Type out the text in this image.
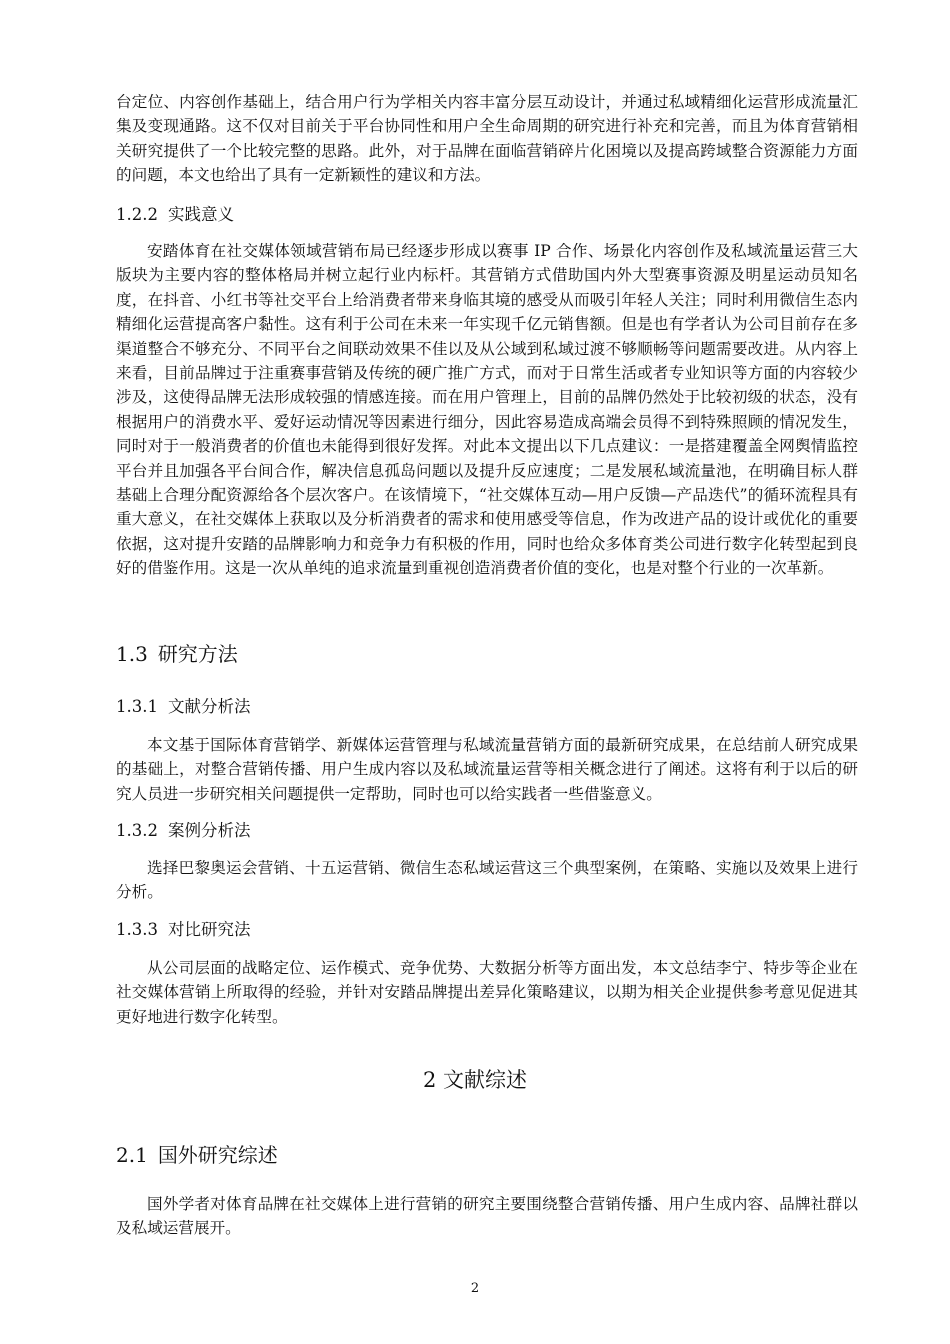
台定位、内容创作基础上，结合用户行为学相关内容丰富分层互动设计，并通过私域精细化运营形成流量汇集及变现通路。这不仅对目前关于平台协同性和用户全生命周期的研究进行补充和完善，而且为体育营销相关研究提供了一个比较完整的思路。此外，对于品牌在面临营销碎片化困境以及提高跨域整合资源能力方面的问题，本文也给出了具有一定新颖性的建议和方法。

1.2.2 实践意义

安踏体育在社交媒体领域营销布局已经逐步形成以赛事 IP 合作、场景化内容创作及私域流量运营三大版块为主要内容的整体格局并树立起行业内标杆。其营销方式借助国内外大型赛事资源及明星运动员知名度，在抖音、小红书等社交平台上给消费者带来身临其境的感受从而吸引年轻人关注；同时利用微信生态内精细化运营提高客户黏性。这有利于公司在未来一年实现千亿元销售额。但是也有学者认为公司目前存在多渠道整合不够充分、不同平台之间联动效果不佳以及从公域到私域过渡不够顺畅等问题需要改进。从内容上来看，目前品牌过于注重赛事营销及传统的硬广推广方式，而对于日常生活或者专业知识等方面的内容较少涉及，这使得品牌无法形成较强的情感连接。而在用户管理上，目前的品牌仍然处于比较初级的状态，没有根据用户的消费水平、爱好运动情况等因素进行细分，因此容易造成高端会员得不到特殊照顾的情况发生，同时对于一般消费者的价值也未能得到很好发挥。对此本文提出以下几点建议：一是搭建覆盖全网舆情监控平台并且加强各平台间合作，解决信息孤岛问题以及提升反应速度；二是发展私域流量池，在明确目标人群基础上合理分配资源给各个层次客户。在该情境下，“社交媒体互动—用户反馈—产品迭代”的循环流程具有重大意义，在社交媒体上获取以及分析消费者的需求和使用感受等信息，作为改进产品的设计或优化的重要依据，这对提升安踏的品牌影响力和竞争力有积极的作用，同时也给众多体育类公司进行数字化转型起到良好的借鉴作用。这是一次从单纯的追求流量到重视创造消费者价值的变化，也是对整个行业的一次革新。

1.3 研究方法
1.3.1 文献分析法

本文基于国际体育营销学、新媒体运营管理与私域流量营销方面的最新研究成果，在总结前人研究成果的基础上，对整合营销传播、用户生成内容以及私域流量运营等相关概念进行了阐述。这将有利于以后的研究人员进一步研究相关问题提供一定帮助，同时也可以给实践者一些借鉴意义。

1.3.2 案例分析法

选择巴黎奥运会营销、十五运营销、微信生态私域运营这三个典型案例，在策略、实施以及效果上进行分析。

1.3.3 对比研究法

从公司层面的战略定位、运作模式、竞争优势、大数据分析等方面出发，本文总结李宁、特步等企业在社交媒体营销上所取得的经验，并针对安踏品牌提出差异化策略建议，以期为相关企业提供参考意见促进其更好地进行数字化转型。

2 文献综述
2.1 国外研究综述

国外学者对体育品牌在社交媒体上进行营销的研究主要围绕整合营销传播、用户生成内容、品牌社群以及私域运营展开。

2
